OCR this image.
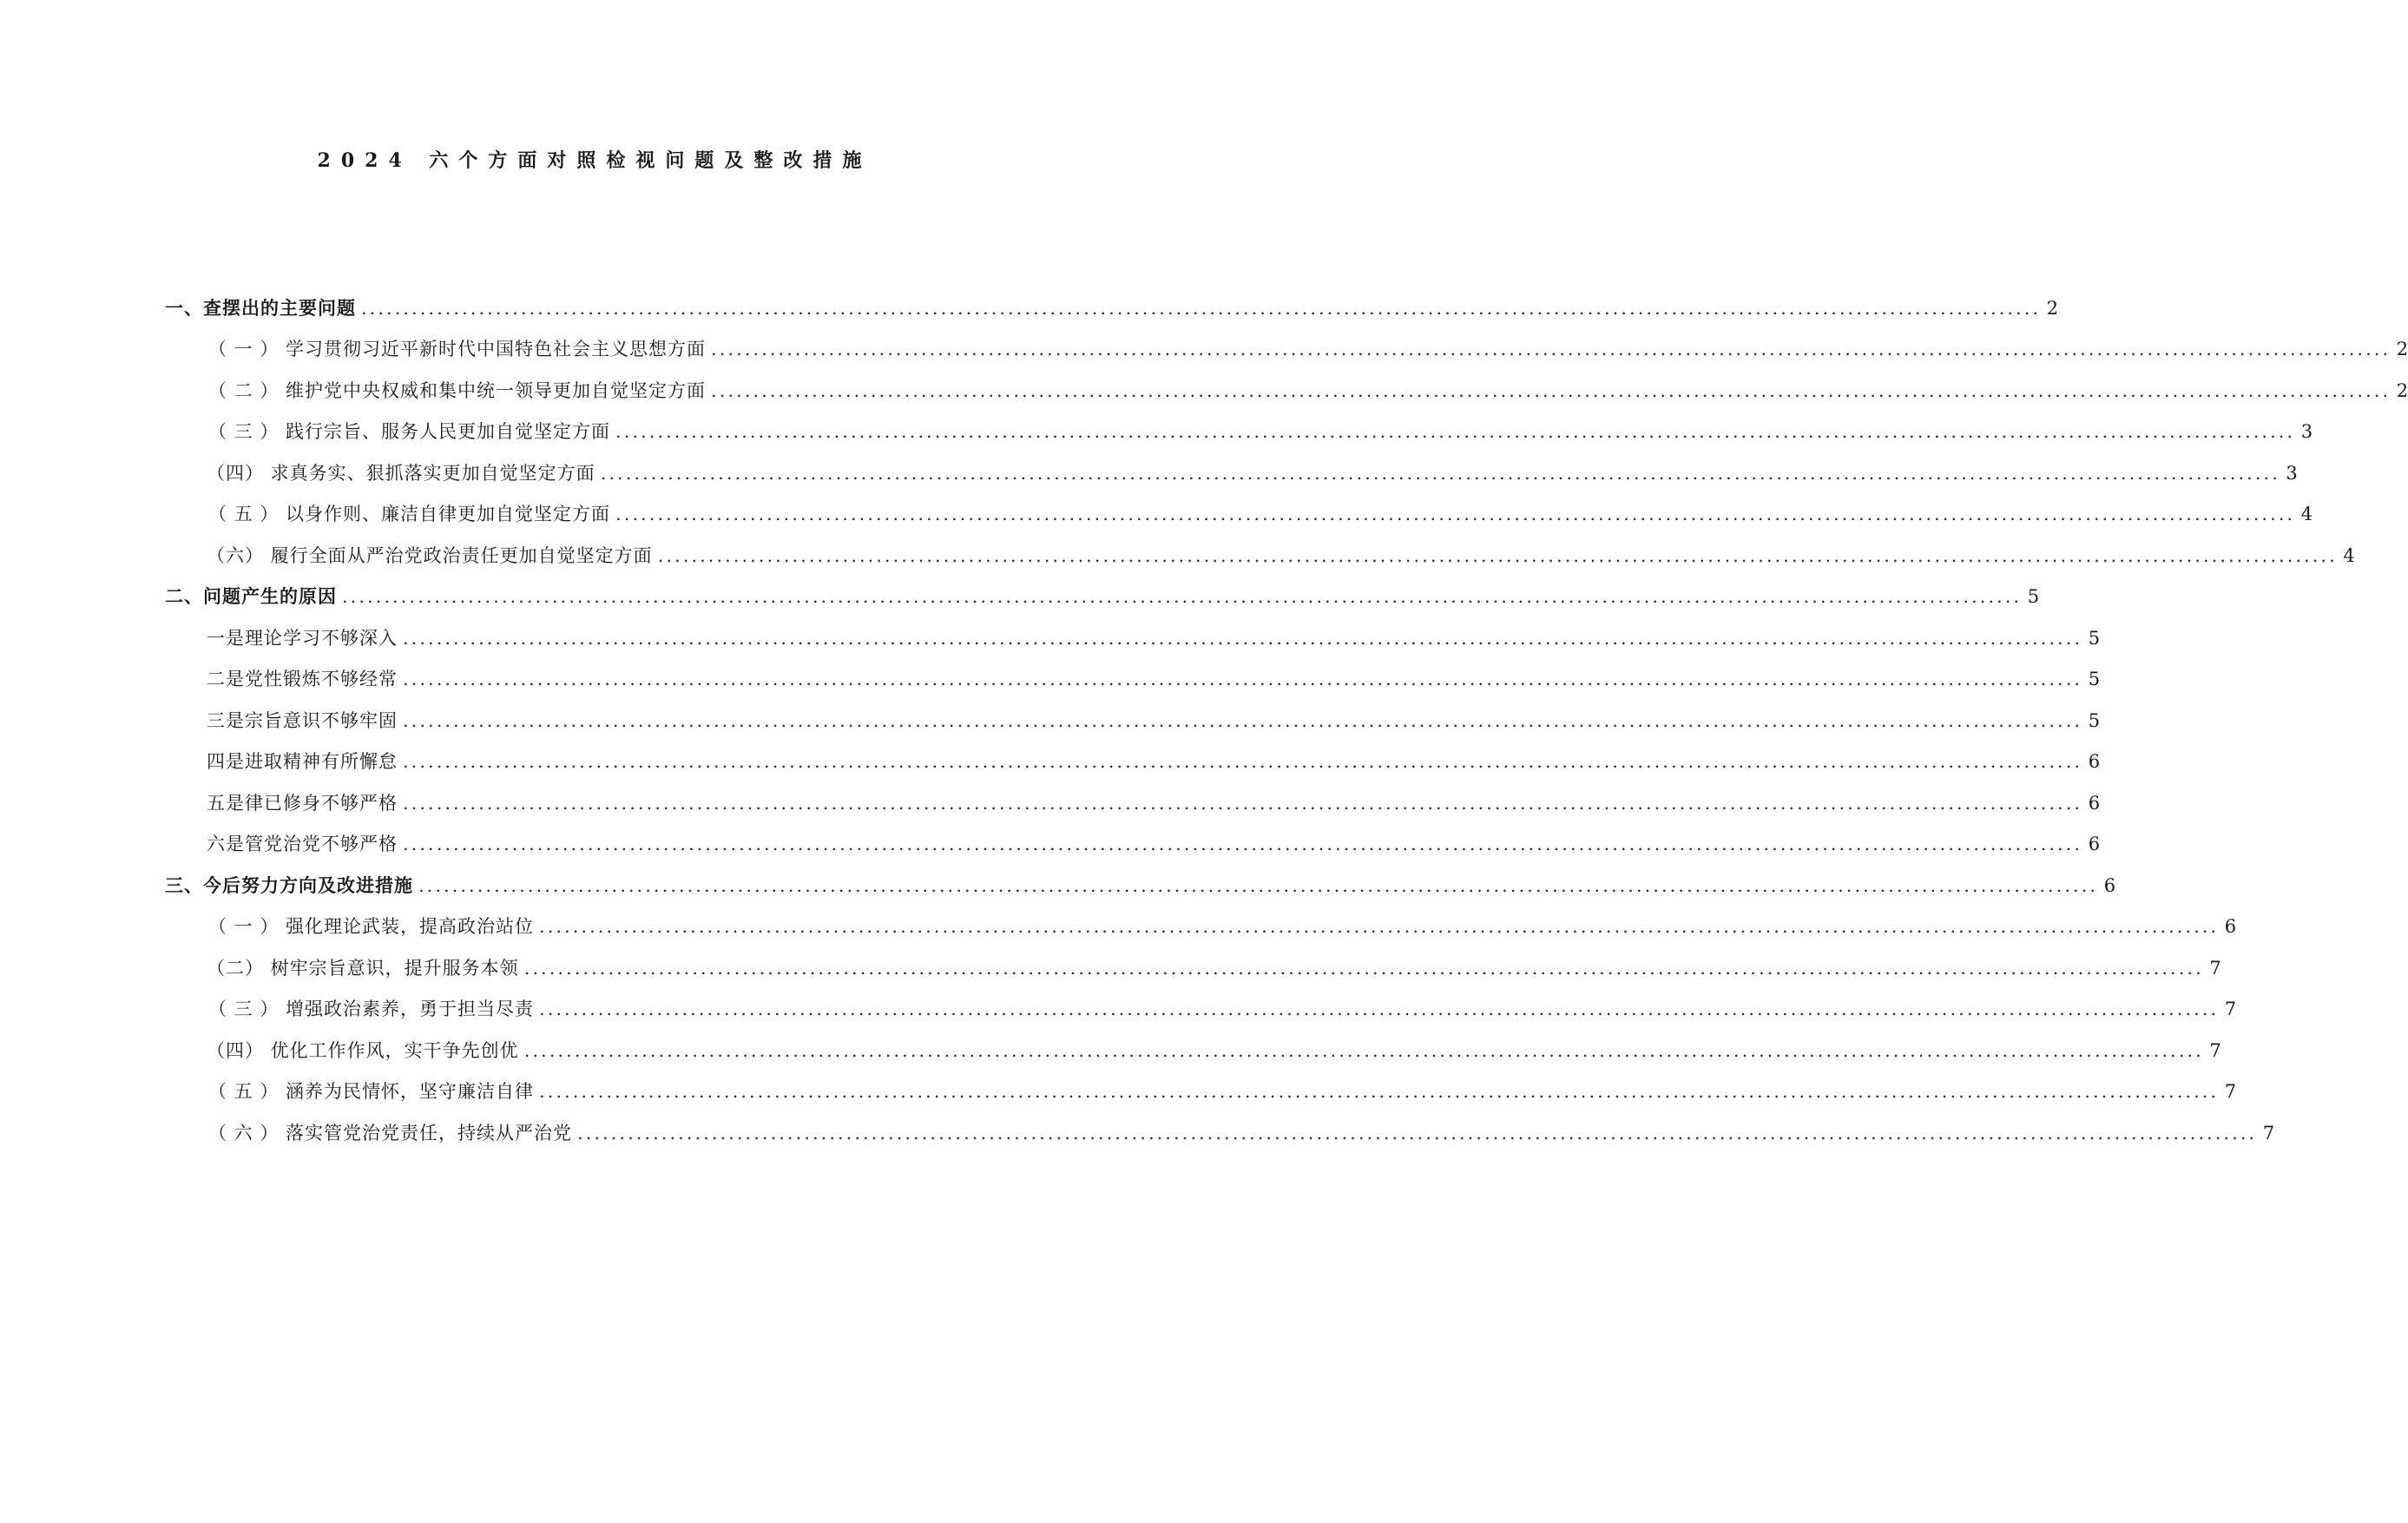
2024 六个方面对照检视问题及整改措施
一、查摆出的主要问题 ........................................................................................................................................................................................................ 2
（ 一 ） 学习贯彻习近平新时代中国特色社会主义思想方面 ........................................................................................................................................................................................................ 2
（ 二 ） 维护党中央权威和集中统一领导更加自觉坚定方面 ........................................................................................................................................................................................................ 2
（ 三 ） 践行宗旨、服务人民更加自觉坚定方面 ........................................................................................................................................................................................................ 3
（四） 求真务实、狠抓落实更加自觉坚定方面 ........................................................................................................................................................................................................ 3
（ 五 ） 以身作则、廉洁自律更加自觉坚定方面 ........................................................................................................................................................................................................ 4
（六） 履行全面从严治党政治责任更加自觉坚定方面 ........................................................................................................................................................................................................ 4
二、问题产生的原因 ........................................................................................................................................................................................................ 5
一是理论学习不够深入 ........................................................................................................................................................................................................ 5
二是党性锻炼不够经常 ........................................................................................................................................................................................................ 5
三是宗旨意识不够牢固 ........................................................................................................................................................................................................ 5
四是进取精神有所懈怠 ........................................................................................................................................................................................................ 6
五是律已修身不够严格 ........................................................................................................................................................................................................ 6
六是管党治党不够严格 ........................................................................................................................................................................................................ 6
三、今后努力方向及改进措施 ........................................................................................................................................................................................................ 6
（ 一 ） 强化理论武装，提高政治站位 ........................................................................................................................................................................................................ 6
（二） 树牢宗旨意识，提升服务本领 ........................................................................................................................................................................................................ 7
（ 三 ） 增强政治素养，勇于担当尽责 ........................................................................................................................................................................................................ 7
（四） 优化工作作风，实干争先创优 ........................................................................................................................................................................................................ 7
（ 五 ） 涵养为民情怀，坚守廉洁自律 ........................................................................................................................................................................................................ 7
（ 六 ） 落实管党治党责任，持续从严治党 ........................................................................................................................................................................................................ 7
